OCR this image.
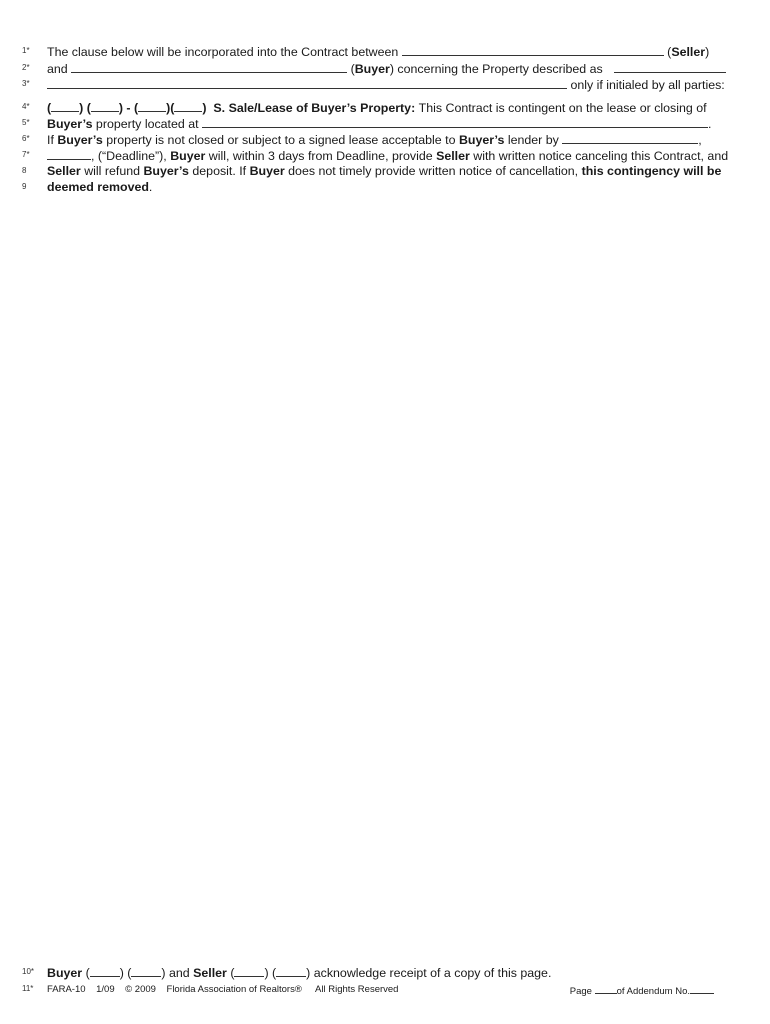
1*	The clause below will be incorporated into the Contract between	(Seller)
2*	and	(Buyer) concerning the Property described as
3*	only if initialed by all parties:
4*	( ) ( ) - ( )( )  S. Sale/Lease of Buyer’s Property: This Contract is contingent on the lease or closing of
5*	Buyer’s property located at	.
6*	If Buyer’s property is not closed or subject to a signed lease acceptable to Buyer’s lender by	,
7*	, (“Deadline”), Buyer will, within 3 days from Deadline, provide Seller with written notice canceling this Contract, and
8	Seller will refund Buyer’s deposit. If Buyer does not timely provide written notice of cancellation, this contingency will be
9	deemed removed.
10*	Buyer ( ) ( ) and Seller ( ) ( ) acknowledge receipt of a copy of this page.
11*	FARA-10 1/09 © 2009 Florida Association of Realtors® All Rights Reserved	Page	of Addendum No.
